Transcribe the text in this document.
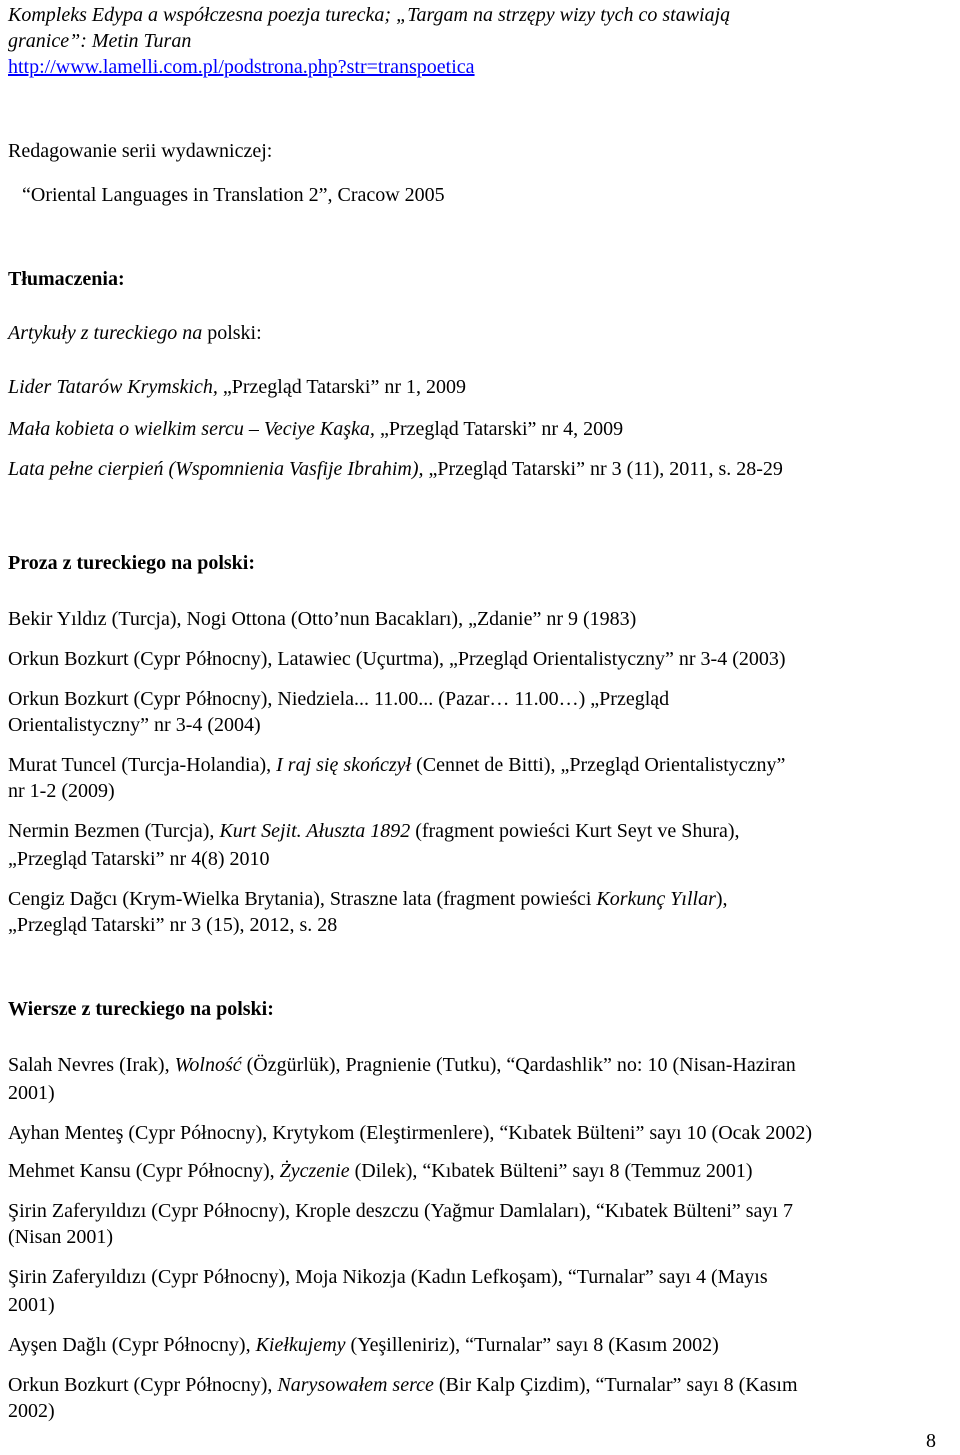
Kompleks Edypa a współczesna poezja turecka; „Targam na strzępy wizy tych co stawiają
granice”: Metin Turan
http://www.lamelli.com.pl/podstrona.php?str=transpoetica
Redagowanie serii wydawniczej:
“Oriental Languages in Translation 2”, Cracow 2005
Tłumaczenia:
Artykuły z tureckiego na polski:
Lider Tatarów Krymskich, „Przegląd Tatarski” nr 1, 2009
Mała kobieta o wielkim sercu – Veciye Kaşka, „Przegląd Tatarski” nr 4, 2009
Lata pełne cierpień (Wspomnienia Vasfije Ibrahim), „Przegląd Tatarski” nr 3 (11), 2011, s. 28-29
Proza z tureckiego na polski:
Bekir Yıldız (Turcja), Nogi Ottona (Otto’nun Bacakları), „Zdanie” nr 9 (1983)
Orkun Bozkurt (Cypr Północny), Latawiec (Uçurtma), „Przegląd Orientalistyczny” nr 3-4 (2003)
Orkun Bozkurt (Cypr Północny), Niedziela... 11.00... (Pazar… 11.00…) „Przegląd
Orientalistyczny” nr 3-4 (2004)
Murat Tuncel (Turcja-Holandia), I raj się skończył (Cennet de Bitti), „Przegląd Orientalistyczny”
nr 1-2 (2009)
Nermin Bezmen (Turcja), Kurt Sejit. Ałuszta 1892 (fragment powieści Kurt Seyt ve Shura),
„Przegląd Tatarski” nr 4(8) 2010
Cengiz Dağcı (Krym-Wielka Brytania), Straszne lata (fragment powieści Korkunç Yıllar),
„Przegląd Tatarski” nr 3 (15), 2012, s. 28
Wiersze z tureckiego na polski:
Salah Nevres (Irak), Wolność (Özgürlük), Pragnienie (Tutku), “Qardashlik” no: 10 (Nisan-Haziran
2001)
Ayhan Menteş (Cypr Północny), Krytykom (Eleştirmenlere), “Kıbatek Bülteni” sayı 10 (Ocak 2002)
Mehmet Kansu (Cypr Północny), Życzenie (Dilek), “Kıbatek Bülteni” sayı 8 (Temmuz 2001)
Şirin Zaferyıldızı (Cypr Północny), Krople deszczu (Yağmur Damlaları), “Kıbatek Bülteni” sayı 7
(Nisan 2001)
Şirin Zaferyıldızı (Cypr Północny), Moja Nikozja (Kadın Lefkoşam), “Turnalar” sayı 4 (Mayıs
2001)
Ayşen Dağlı (Cypr Północny), Kiełkujemy (Yeşilleniriz), “Turnalar” sayı 8 (Kasım 2002)
Orkun Bozkurt (Cypr Północny), Narysowałem serce (Bir Kalp Çizdim), “Turnalar” sayı 8 (Kasım
2002)
8
